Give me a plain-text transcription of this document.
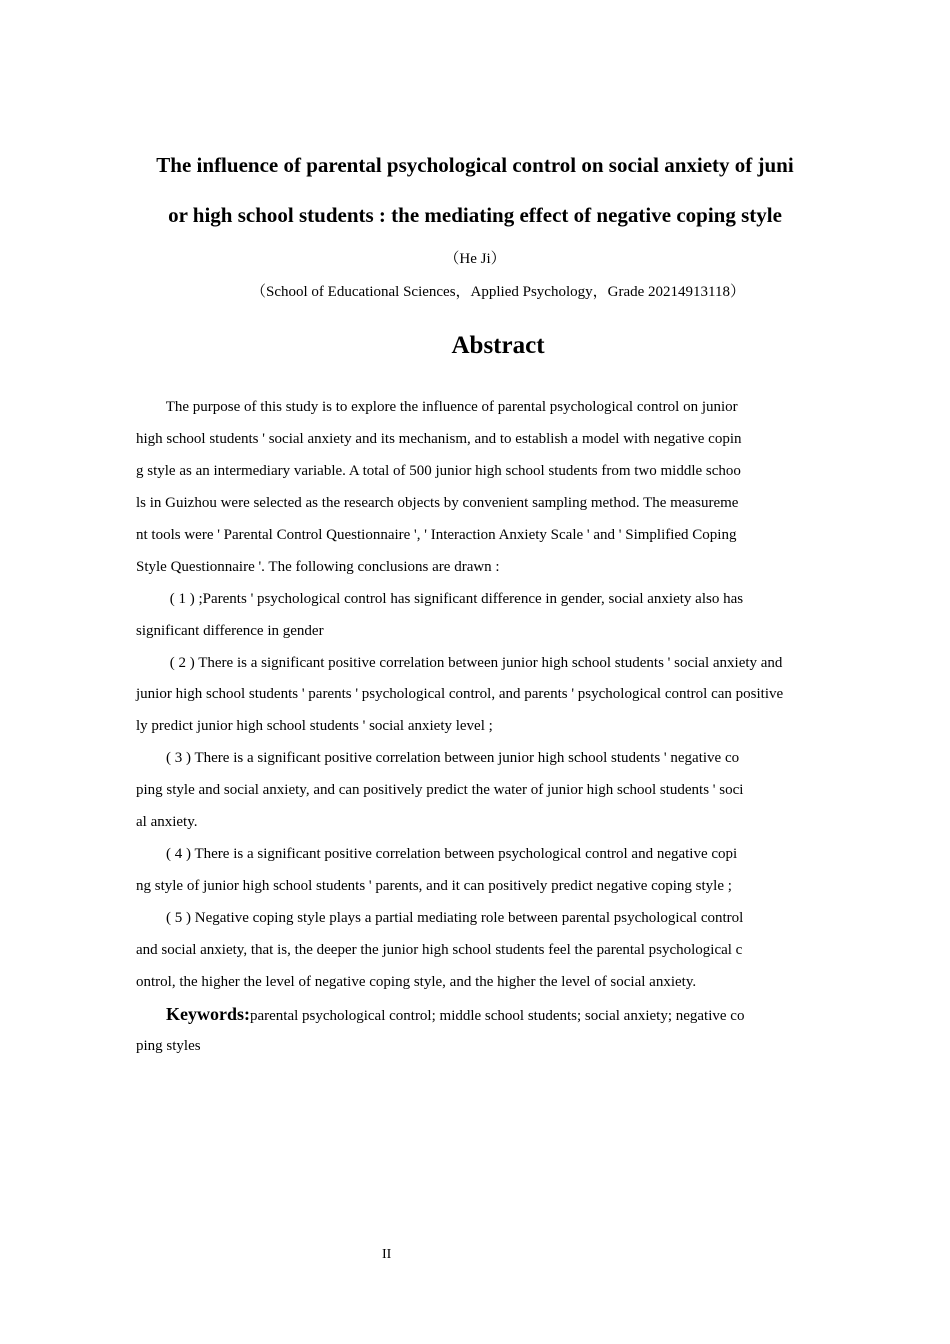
The influence of parental psychological control on social anxiety of juni
or high school students : the mediating effect of negative coping style
（He Ji）
（School of Educational Sciences，Applied Psychology，Grade 20214913118）
Abstract
The purpose of this study is to explore the influence of parental psychological control on junior
high school students ' social anxiety and its mechanism, and to establish a model with negative copin
g style as an intermediary variable. A total of 500 junior high school students from two middle schoo
ls in Guizhou were selected as the research objects by convenient sampling method. The measureme
nt tools were ' Parental Control Questionnaire ', ' Interaction Anxiety Scale ' and ' Simplified Coping
Style Questionnaire '. The following conclusions are drawn :
( 1 ) ;Parents ' psychological control has significant difference in gender, social anxiety also has
significant difference in gender
( 2 ) There is a significant positive correlation between junior high school students ' social anxiety and
junior high school students ' parents ' psychological control, and parents ' psychological control can positive
ly predict junior high school students ' social anxiety level ;
( 3 ) There is a significant positive correlation between junior high school students ' negative co
ping style and social anxiety, and can positively predict the water of junior high school students ' soci
al anxiety.
( 4 ) There is a significant positive correlation between psychological control and negative copi
ng style of junior high school students ' parents, and it can positively predict negative coping style ;
( 5 ) Negative coping style plays a partial mediating role between parental psychological control
and social anxiety, that is, the deeper the junior high school students feel the parental psychological c
ontrol, the higher the level of negative coping style, and the higher the level of social anxiety.
Keywords:parental psychological control; middle school students; social anxiety; negative co
ping styles
II
